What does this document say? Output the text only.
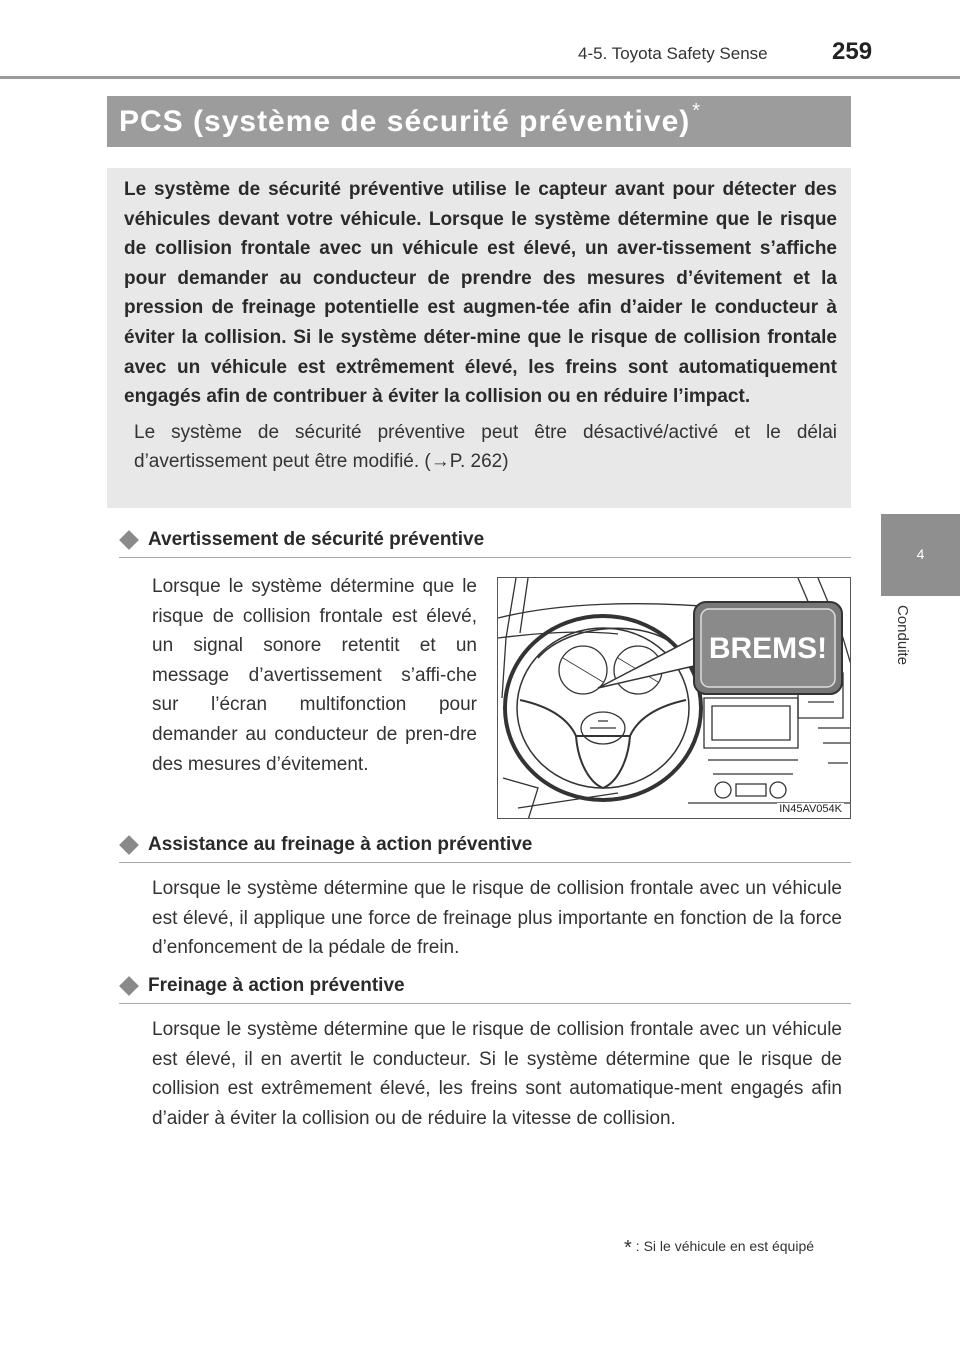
4-5. Toyota Safety Sense	259
4
Conduite
PCS (système de sécurité préventive) *

Le système de sécurité préventive utilise le capteur avant pour détecter des véhicules devant votre véhicule. Lorsque le système détermine que le risque de collision frontale avec un véhicule est élevé, un aver-tissement s’affiche pour demander au conducteur de prendre des mesures d’évitement et la pression de freinage potentielle est augmen-tée afin d’aider le conducteur à éviter la collision. Si le système déter-mine que le risque de collision frontale avec un véhicule est extrêmement élevé, les freins sont automatiquement engagés afin de contribuer à éviter la collision ou en réduire l’impact.

Le système de sécurité préventive peut être désactivé/activé et le délai d’avertissement peut être modifié. (→P. 262)

Avertissement de sécurité préventive

Lorsque le système détermine que le risque de collision frontale est élevé, un signal sonore retentit et un message d’avertissement s’affi-che sur l’écran multifonction pour demander au conducteur de pren-dre des mesures d’évitement.

BREMS!
IN45AV054K
Assistance au freinage à action préventive

Lorsque le système détermine que le risque de collision frontale avec un véhicule est élevé, il applique une force de freinage plus importante en fonction de la force d’enfoncement de la pédale de frein.

Freinage à action préventive

Lorsque le système détermine que le risque de collision frontale avec un véhicule est élevé, il en avertit le conducteur. Si le système détermine que le risque de collision est extrêmement élevé, les freins sont automatique-ment engagés afin d’aider à éviter la collision ou de réduire la vitesse de collision.

* : Si le véhicule en est équipé
